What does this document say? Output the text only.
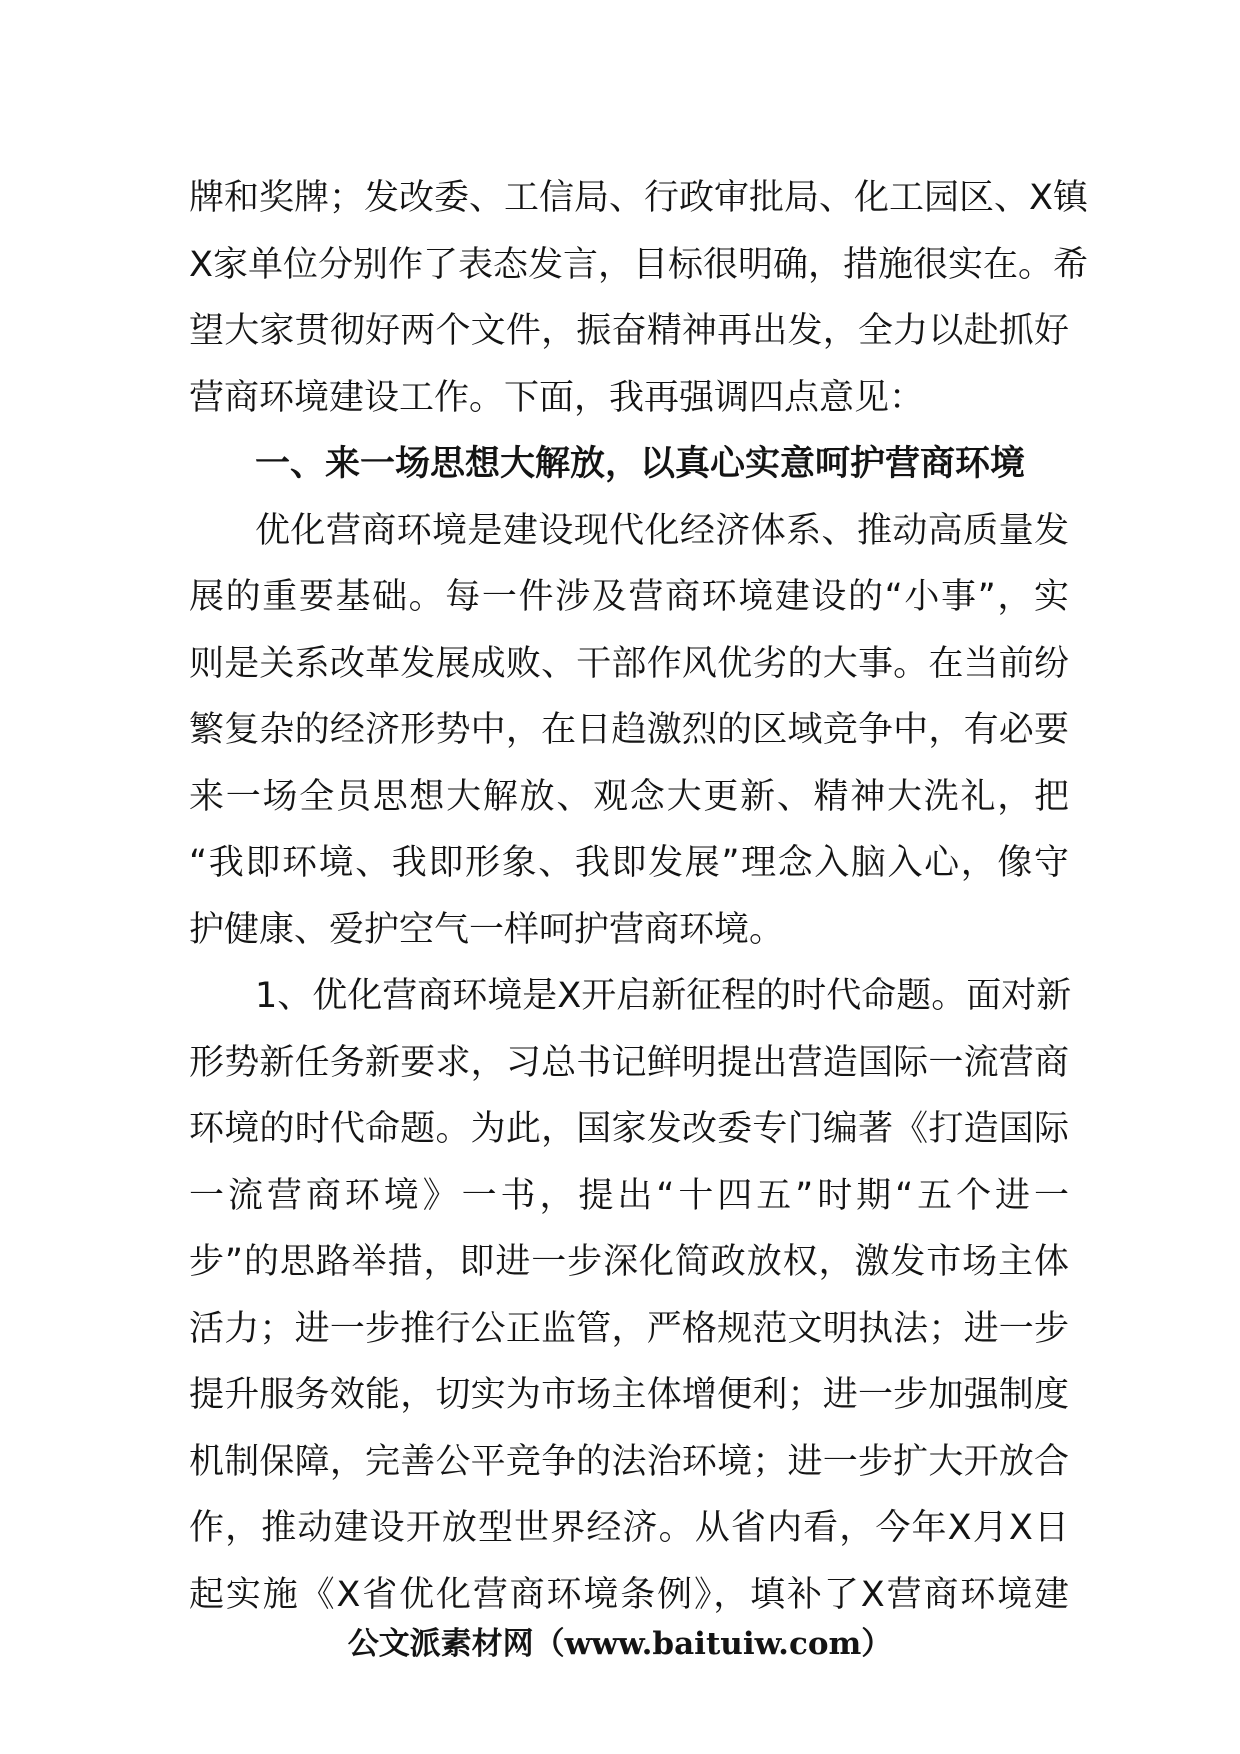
牌和奖牌；发改委、工信局、行政审批局、化工园区、X镇
X家单位分别作了表态发言，目标很明确，措施很实在。希
望大家贯彻好两个文件，振奋精神再出发，全力以赴抓好
营商环境建设工作。下面，我再强调四点意见：
一、来一场思想大解放，以真心实意呵护营商环境
优化营商环境是建设现代化经济体系、推动高质量发
展的重要基础。每一件涉及营商环境建设的“小事”，实
则是关系改革发展成败、干部作风优劣的大事。在当前纷
繁复杂的经济形势中，在日趋激烈的区域竞争中，有必要
来一场全员思想大解放、观念大更新、精神大洗礼，把
“我即环境、我即形象、我即发展”理念入脑入心，像守
护健康、爱护空气一样呵护营商环境。
1、优化营商环境是X开启新征程的时代命题。面对新
形势新任务新要求，习总书记鲜明提出营造国际一流营商
环境的时代命题。为此，国家发改委专门编著《打造国际
一流营商环境》一书，提出“十四五”时期“五个进一
步”的思路举措，即进一步深化简政放权，激发市场主体
活力；进一步推行公正监管，严格规范文明执法；进一步
提升服务效能，切实为市场主体增便利；进一步加强制度
机制保障，完善公平竞争的法治环境；进一步扩大开放合
作，推动建设开放型世界经济。从省内看，今年X月X日
起实施《X省优化营商环境条例》，填补了X营商环境建
公文派素材网（www.baituiw.com）
